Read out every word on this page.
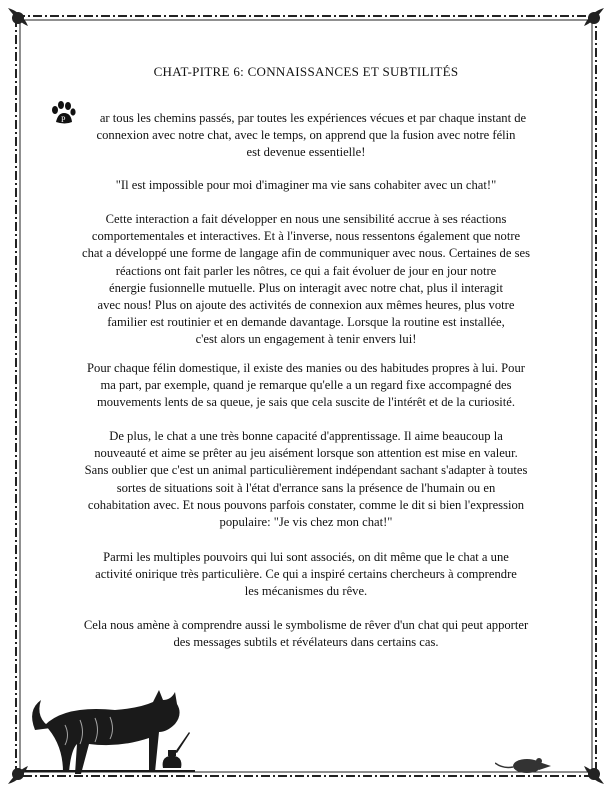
CHAT-PITRE 6: CONNAISSANCES ET SUBTILITÉS
P	ar tous les chemins passés, par toutes les expériences vécues et par chaque instant de
connexion avec notre chat, avec le temps, on apprend que la fusion avec notre félin
est devenue essentielle!
"Il est impossible pour moi d'imaginer ma vie sans cohabiter avec un chat!"
Cette interaction a fait développer en nous une sensibilité accrue à ses réactions
comportementales et interactives. Et à l'inverse, nous ressentons également que notre
chat a développé une forme de langage afin de communiquer avec nous. Certaines de ses
réactions ont fait parler les nôtres, ce qui a fait évoluer de jour en jour notre
énergie fusionnelle mutuelle. Plus on interagit avec notre chat, plus il interagit
avec nous! Plus on ajoute des activités de connexion aux mêmes heures, plus votre
familier est routinier et en demande davantage. Lorsque la routine est installée,
c'est alors un engagement à tenir envers lui!
Pour chaque félin domestique, il existe des manies ou des habitudes propres à lui. Pour
ma part, par exemple, quand je remarque qu'elle a un regard fixe accompagné des
mouvements lents de sa queue, je sais que cela suscite de l'intérêt et de la curiosité.
De plus, le chat a une très bonne capacité d'apprentissage. Il aime beaucoup la
nouveauté et aime se prêter au jeu aisément lorsque son attention est mise en valeur.
Sans oublier que c'est un animal particulièrement indépendant sachant s'adapter à toutes
sortes de situations soit à l'état d'errance sans la présence de l'humain ou en
cohabitation avec. Et nous pouvons parfois constater, comme le dit si bien l'expression
populaire: "Je vis chez mon chat!"
Parmi les multiples pouvoirs qui lui sont associés, on dit même que le chat a une
activité onirique très particulière. Ce qui a inspiré certains chercheurs à comprendre
les mécanismes du rêve.
Cela nous amène à comprendre aussi le symbolisme de rêver d'un chat qui peut apporter
des messages subtils et révélateurs dans certains cas.
